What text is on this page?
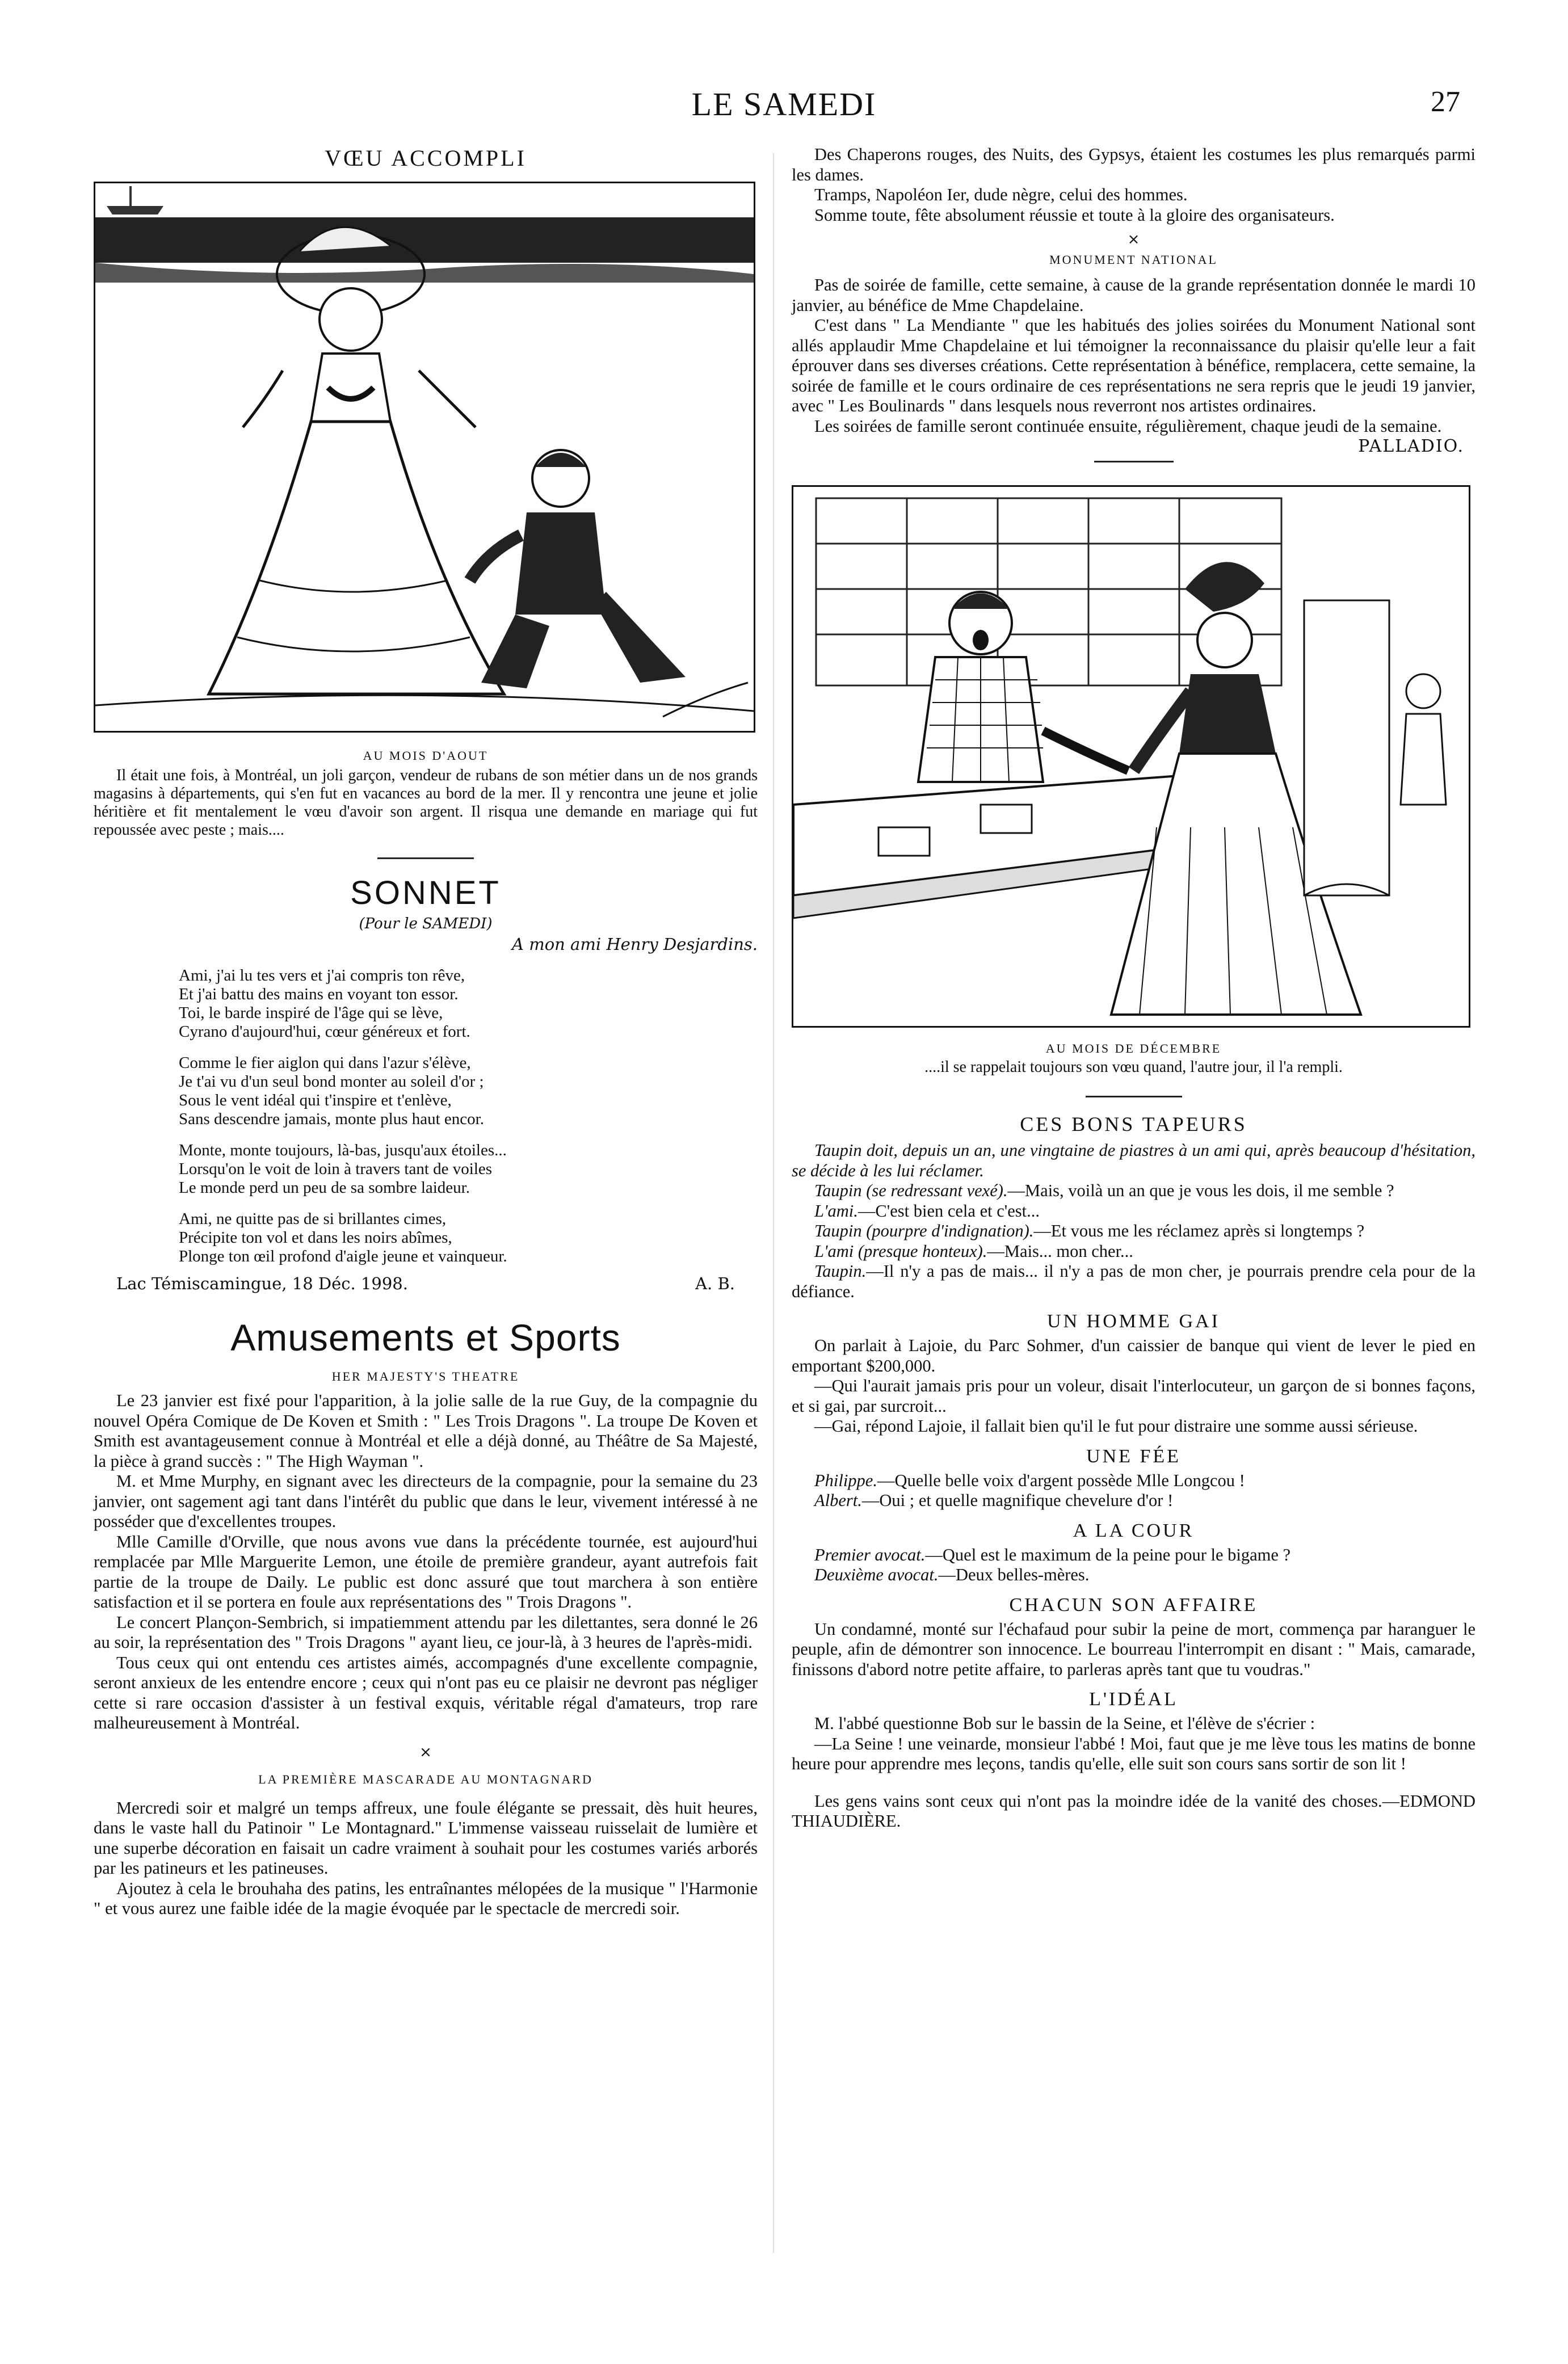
LE SAMEDI	27
VŒU ACCOMPLI
AU MOIS D'AOUT

Il était une fois, à Montréal, un joli garçon, vendeur de rubans de son métier dans un de nos grands magasins à départements, qui s'en fut en vacances au bord de la mer. Il y rencontra une jeune et jolie héritière et fit mentalement le vœu d'avoir son argent. Il risqua une demande en mariage qui fut repoussée avec peste ; mais....

SONNET
(Pour le SAMEDI)
A mon ami Henry Desjardins.
Ami, j'ai lu tes vers et j'ai compris ton rêve,
Et j'ai battu des mains en voyant ton essor.
Toi, le barde inspiré de l'âge qui se lève,
Cyrano d'aujourd'hui, cœur généreux et fort.
Comme le fier aiglon qui dans l'azur s'élève,
Je t'ai vu d'un seul bond monter au soleil d'or ;
Sous le vent idéal qui t'inspire et t'enlève,
Sans descendre jamais, monte plus haut encor.
Monte, monte toujours, là-bas, jusqu'aux étoiles...
Lorsqu'on le voit de loin à travers tant de voiles
Le monde perd un peu de sa sombre laideur.
Ami, ne quitte pas de si brillantes cimes,
Précipite ton vol et dans les noirs abîmes,
Plonge ton œil profond d'aigle jeune et vainqueur.
Lac Témiscamingue, 18 Déc. 1998.	A. B.
Amusements et Sports
HER MAJESTY'S THEATRE

Le 23 janvier est fixé pour l'apparition, à la jolie salle de la rue Guy, de la compagnie du nouvel Opéra Comique de De Koven et Smith : " Les Trois Dragons ". La troupe De Koven et Smith est avantageusement connue à Montréal et elle a déjà donné, au Théâtre de Sa Majesté, la pièce à grand succès : " The High Wayman ".

M. et Mme Murphy, en signant avec les directeurs de la compagnie, pour la semaine du 23 janvier, ont sagement agi tant dans l'intérêt du public que dans le leur, vivement intéressé à ne posséder que d'excellentes troupes.

Mlle Camille d'Orville, que nous avons vue dans la précédente tournée, est aujourd'hui remplacée par Mlle Marguerite Lemon, une étoile de première grandeur, ayant autrefois fait partie de la troupe de Daily. Le public est donc assuré que tout marchera à son entière satisfaction et il se portera en foule aux représentations des " Trois Dragons ".

Le concert Plançon-Sembrich, si impatiemment attendu par les dilettantes, sera donné le 26 au soir, la représentation des " Trois Dragons " ayant lieu, ce jour-là, à 3 heures de l'après-midi.

Tous ceux qui ont entendu ces artistes aimés, accompagnés d'une excellente compagnie, seront anxieux de les entendre encore ; ceux qui n'ont pas eu ce plaisir ne devront pas négliger cette si rare occasion d'assister à un festival exquis, véritable régal d'amateurs, trop rare malheureusement à Montréal.

×
LA PREMIÈRE MASCARADE AU MONTAGNARD

Mercredi soir et malgré un temps affreux, une foule élégante se pressait, dès huit heures, dans le vaste hall du Patinoir " Le Montagnard." L'immense vaisseau ruisselait de lumière et une superbe décoration en faisait un cadre vraiment à souhait pour les costumes variés arborés par les patineurs et les patineuses.

Ajoutez à cela le brouhaha des patins, les entraînantes mélopées de la musique " l'Harmonie " et vous aurez une faible idée de la magie évoquée par le spectacle de mercredi soir.

Des Chaperons rouges, des Nuits, des Gypsys, étaient les costumes les plus remarqués parmi les dames.

Tramps, Napoléon Ier, dude nègre, celui des hommes.

Somme toute, fête absolument réussie et toute à la gloire des organisateurs.

×
MONUMENT NATIONAL

Pas de soirée de famille, cette semaine, à cause de la grande représentation donnée le mardi 10 janvier, au bénéfice de Mme Chapdelaine.

C'est dans " La Mendiante " que les habitués des jolies soirées du Monument National sont allés applaudir Mme Chapdelaine et lui témoigner la reconnaissance du plaisir qu'elle leur a fait éprouver dans ses diverses créations. Cette représentation à bénéfice, remplacera, cette semaine, la soirée de famille et le cours ordinaire de ces représentations ne sera repris que le jeudi 19 janvier, avec " Les Boulinards " dans lesquels nous reverront nos artistes ordinaires.

Les soirées de famille seront continuée ensuite, régulièrement, chaque jeudi de la semaine.

PALLADIO.
AU MOIS DE DÉCEMBRE

....il se rappelait toujours son vœu quand, l'autre jour, il l'a rempli.

CES BONS TAPEURS

Taupin doit, depuis un an, une vingtaine de piastres à un ami qui, après beaucoup d'hésitation, se décide à les lui réclamer.

Taupin (se redressant vexé).—Mais, voilà un an que je vous les dois, il me semble ?

L'ami.—C'est bien cela et c'est...

Taupin (pourpre d'indignation).—Et vous me les réclamez après si longtemps ?

L'ami (presque honteux).—Mais... mon cher...

Taupin.—Il n'y a pas de mais... il n'y a pas de mon cher, je pourrais prendre cela pour de la défiance.

UN HOMME GAI

On parlait à Lajoie, du Parc Sohmer, d'un caissier de banque qui vient de lever le pied en emportant $200,000.

—Qui l'aurait jamais pris pour un voleur, disait l'interlocuteur, un garçon de si bonnes façons, et si gai, par surcroit...

—Gai, répond Lajoie, il fallait bien qu'il le fut pour distraire une somme aussi sérieuse.

UNE FÉE

Philippe.—Quelle belle voix d'argent possède Mlle Longcou !

Albert.—Oui ; et quelle magnifique chevelure d'or !

A LA COUR

Premier avocat.—Quel est le maximum de la peine pour le bigame ?

Deuxième avocat.—Deux belles-mères.

CHACUN SON AFFAIRE

Un condamné, monté sur l'échafaud pour subir la peine de mort, commença par haranguer le peuple, afin de démontrer son innocence. Le bourreau l'interrompit en disant : " Mais, camarade, finissons d'abord notre petite affaire, to parleras après tant que tu voudras."

L'IDÉAL

M. l'abbé questionne Bob sur le bassin de la Seine, et l'élève de s'écrier :

—La Seine ! une veinarde, monsieur l'abbé ! Moi, faut que je me lève tous les matins de bonne heure pour apprendre mes leçons, tandis qu'elle, elle suit son cours sans sortir de son lit !

Les gens vains sont ceux qui n'ont pas la moindre idée de la vanité des choses.—EDMOND THIAUDIÈRE.
